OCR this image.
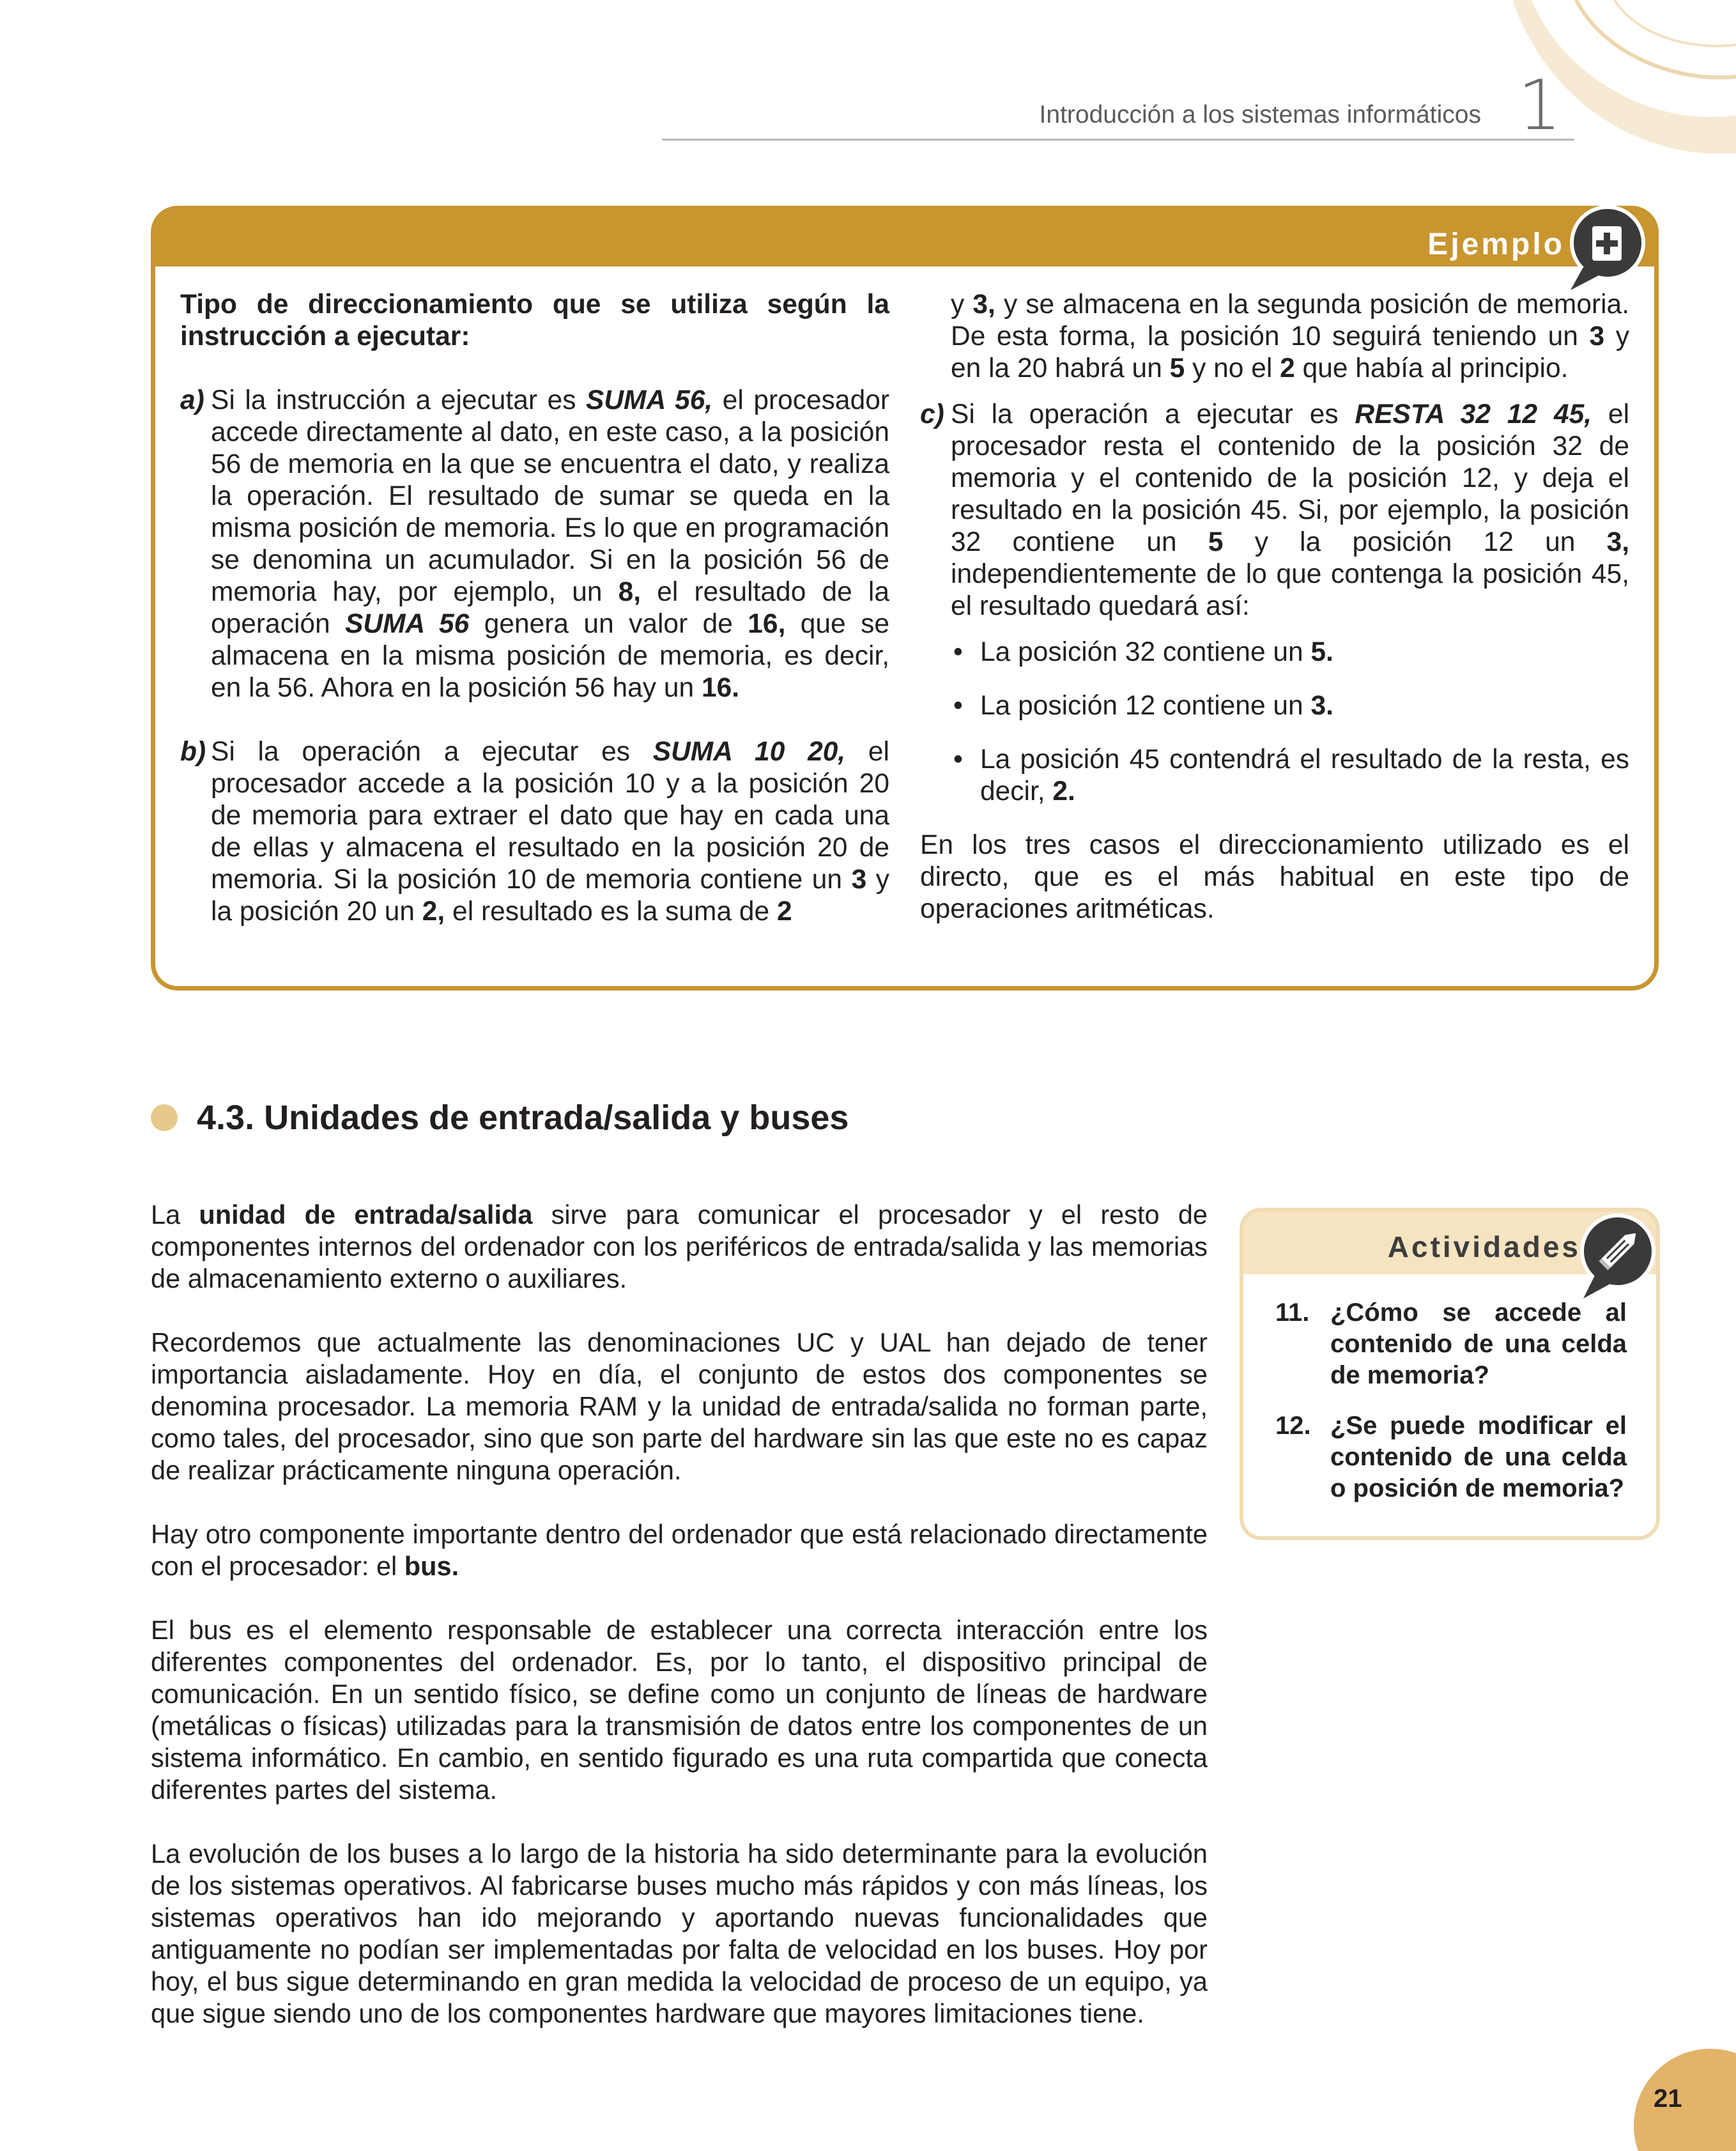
Introducción a los sistemas informáticos 1
Ejemplo

Tipo de direccionamiento que se utiliza según la instrucción a ejecutar:

a) Si la instrucción a ejecutar es SUMA 56, el procesador accede directamente al dato, en este caso, a la posición 56 de memoria en la que se encuentra el dato, y realiza la operación. El resultado de sumar se queda en la misma posición de memoria. Es lo que en programación se denomina un acumulador. Si en la posición 56 de memoria hay, por ejemplo, un 8, el resultado de la operación SUMA 56 genera un valor de 16, que se almacena en la misma posición de memoria, es decir, en la 56. Ahora en la posición 56 hay un 16.
b) Si la operación a ejecutar es SUMA 10 20, el procesador accede a la posición 10 y a la posición 20 de memoria para extraer el dato que hay en cada una de ellas y almacena el resultado en la posición 20 de memoria. Si la posición 10 de memoria contiene un 3 y la posición 20 un 2, el resultado es la suma de 2

y 3, y se almacena en la segunda posición de memoria. De esta forma, la posición 10 seguirá teniendo un 3 y en la 20 habrá un 5 y no el 2 que había al principio.

c) Si la operación a ejecutar es RESTA 32 12 45, el procesador resta el contenido de la posición 32 de memoria y el contenido de la posición 12, y deja el resultado en la posición 45. Si, por ejemplo, la posición 32 contiene un 5 y la posición 12 un 3, independientemente de lo que contenga la posición 45, el resultado quedará así:
• La posición 32 contiene un 5.
• La posición 12 contiene un 3.
• La posición 45 contendrá el resultado de la resta, es decir, 2.

En los tres casos el direccionamiento utilizado es el directo, que es el más habitual en este tipo de operaciones aritméticas.

4.3. Unidades de entrada/salida y buses

La unidad de entrada/salida sirve para comunicar el procesador y el resto de componentes internos del ordenador con los periféricos de entrada/salida y las memorias de almacenamiento externo o auxiliares.

Recordemos que actualmente las denominaciones UC y UAL han dejado de tener importancia aisladamente. Hoy en día, el conjunto de estos dos componentes se denomina procesador. La memoria RAM y la unidad de entrada/salida no forman parte, como tales, del procesador, sino que son parte del hardware sin las que este no es capaz de realizar prácticamente ninguna operación.

Hay otro componente importante dentro del ordenador que está relacionado directamente con el procesador: el bus.

El bus es el elemento responsable de establecer una correcta interacción entre los diferentes componentes del ordenador. Es, por lo tanto, el dispositivo principal de comunicación. En un sentido físico, se define como un conjunto de líneas de hardware (metálicas o físicas) utilizadas para la transmisión de datos entre los componentes de un sistema informático. En cambio, en sentido figurado es una ruta compartida que conecta diferentes partes del sistema.

La evolución de los buses a lo largo de la historia ha sido determinante para la evolución de los sistemas operativos. Al fabricarse buses mucho más rápidos y con más líneas, los sistemas operativos han ido mejorando y aportando nuevas funcionalidades que antiguamente no podían ser implementadas por falta de velocidad en los buses. Hoy por hoy, el bus sigue determinando en gran medida la velocidad de proceso de un equipo, ya que sigue siendo uno de los componentes hardware que mayores limitaciones tiene.

Actividades
11. ¿Cómo se accede al contenido de una celda de memoria?
12. ¿Se puede modificar el contenido de una celda o posición de memoria?
21
